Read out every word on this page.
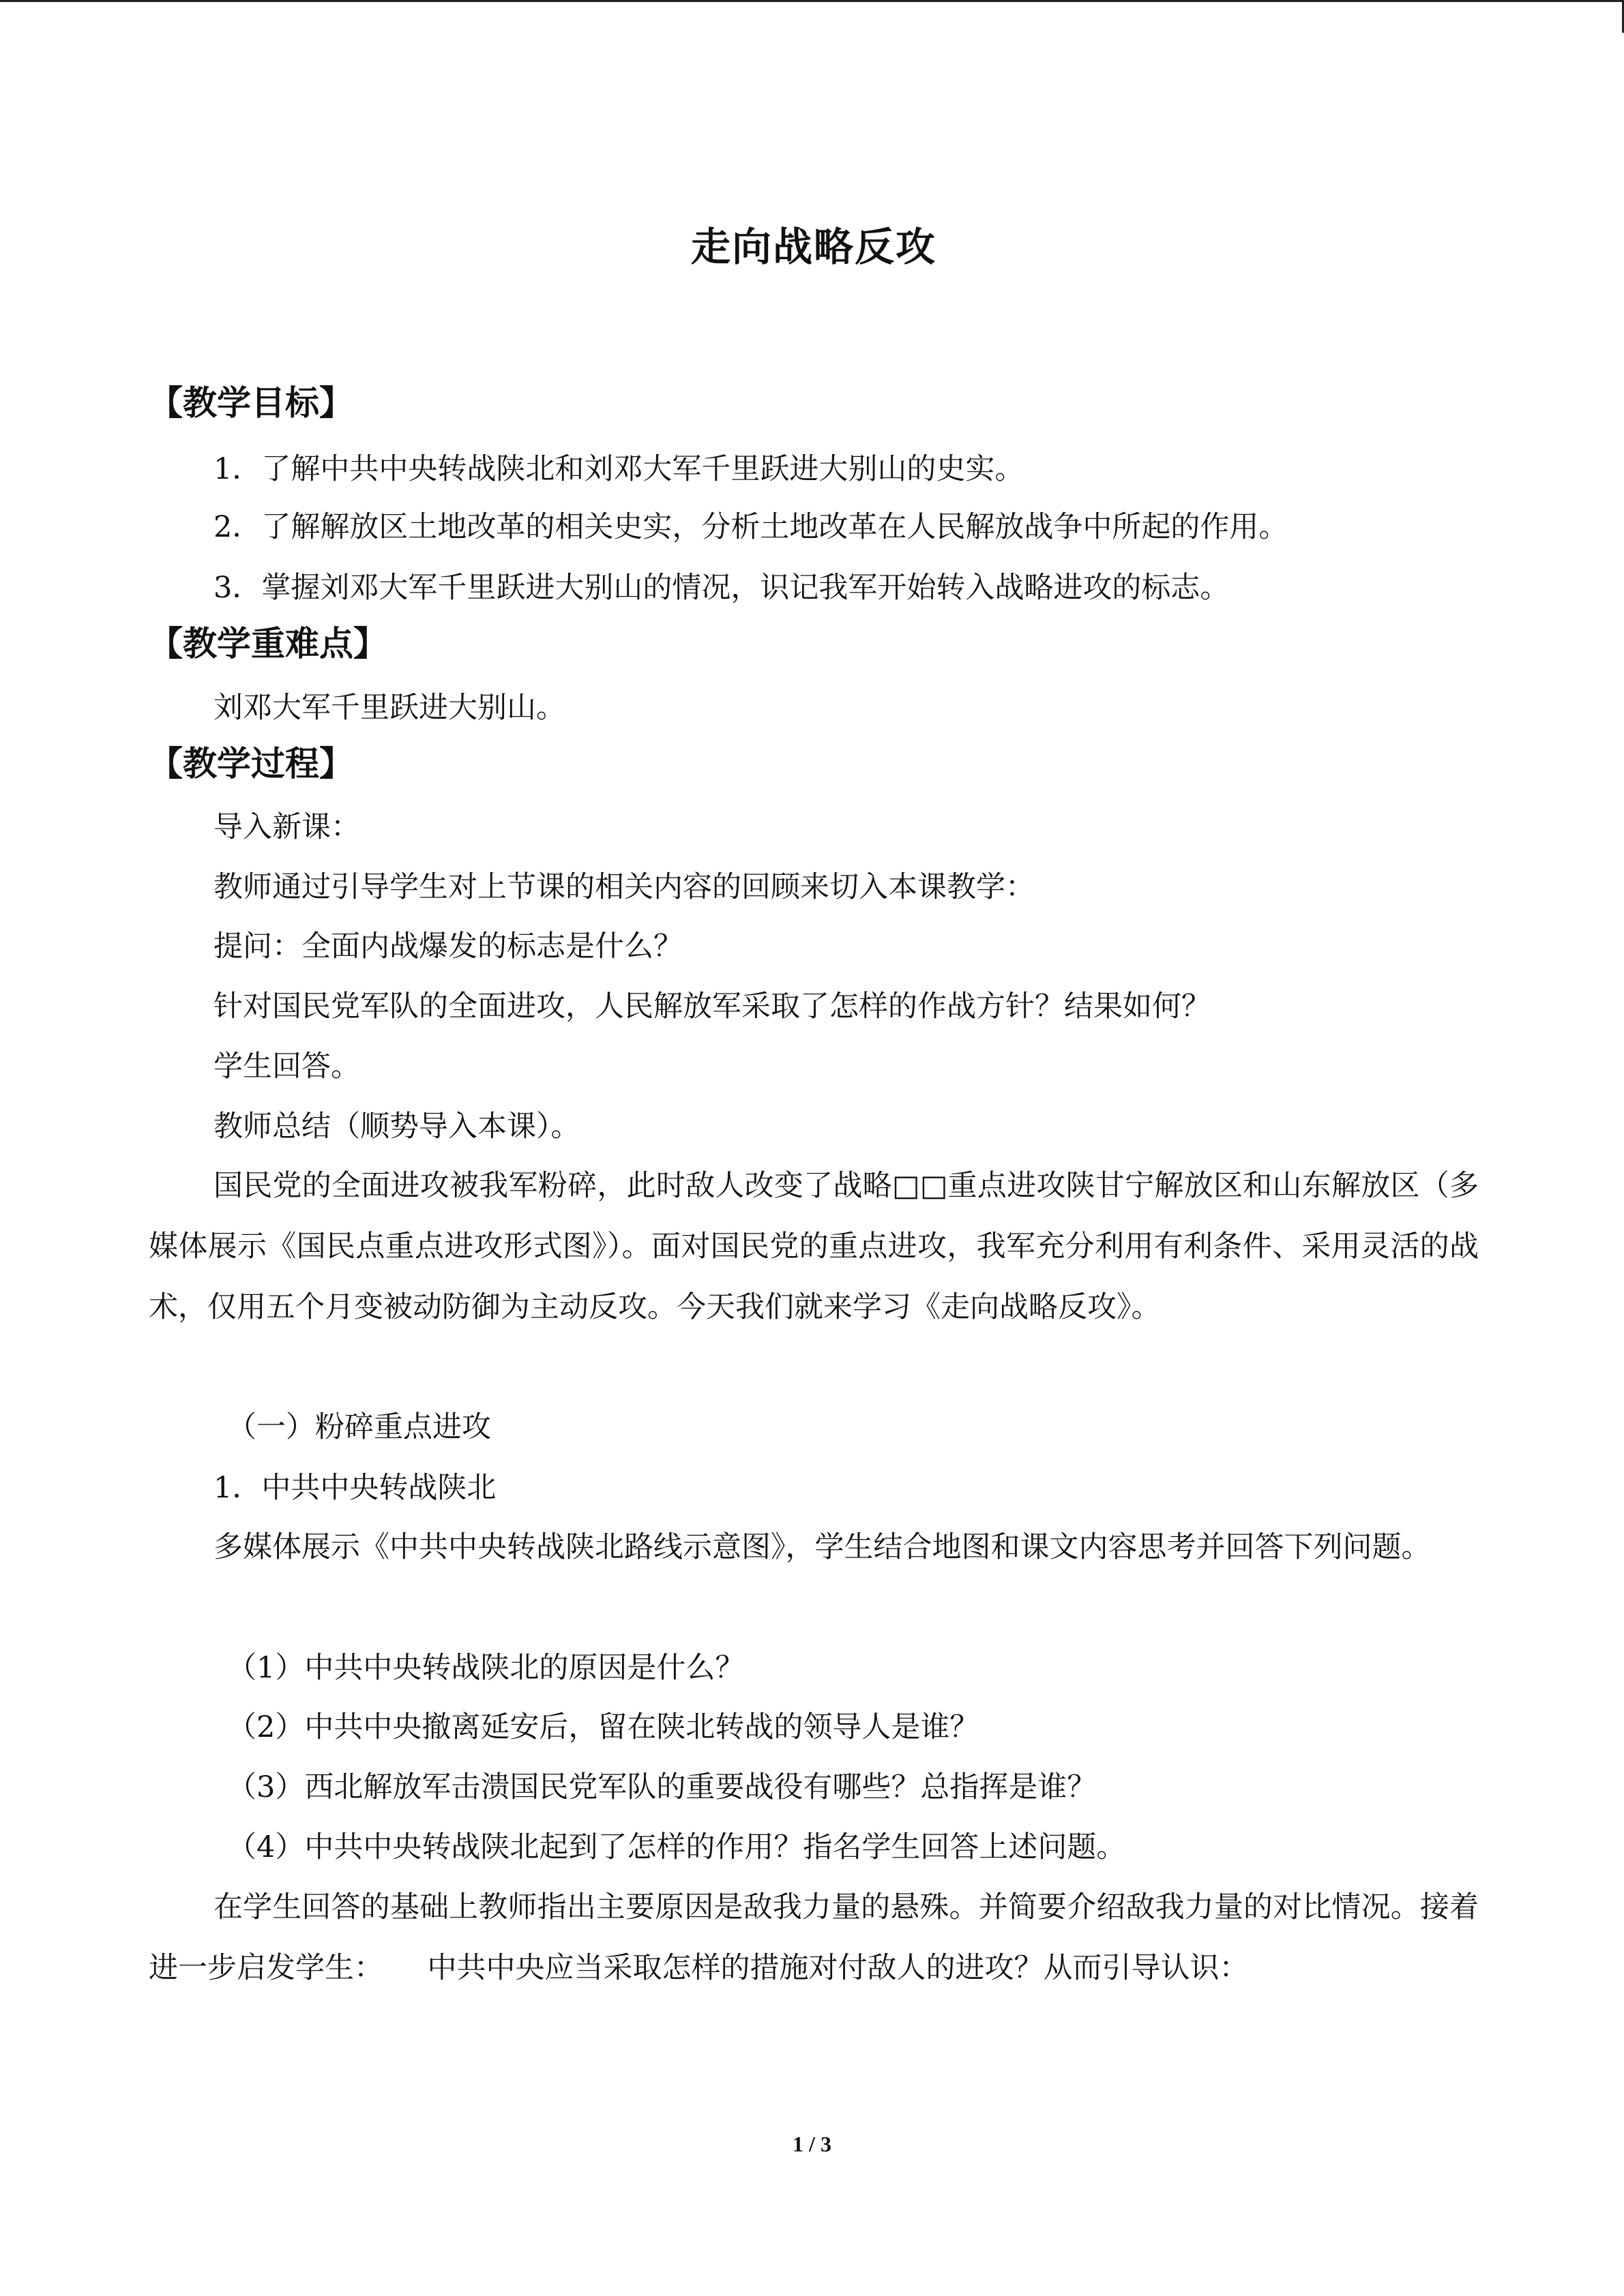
走向战略反攻
【教学目标】
1．了解中共中央转战陕北和刘邓大军千里跃进大别山的史实。
2．了解解放区土地改革的相关史实，分析土地改革在人民解放战争中所起的作用。
3．掌握刘邓大军千里跃进大别山的情况，识记我军开始转入战略进攻的标志。
【教学重难点】
刘邓大军千里跃进大别山。
【教学过程】
导入新课：
教师通过引导学生对上节课的相关内容的回顾来切入本课教学：
提问：全面内战爆发的标志是什么？
针对国民党军队的全面进攻，人民解放军采取了怎样的作战方针？结果如何？
学生回答。
教师总结（顺势导入本课）。
国民党的全面进攻被我军粉碎，此时敌人改变了战略□□重点进攻陕甘宁解放区和山东解放区（多媒体展示《国民点重点进攻形式图》）。面对国民党的重点进攻，我军充分利用有利条件、采用灵活的战术，仅用五个月变被动防御为主动反攻。今天我们就来学习《走向战略反攻》。
（一）粉碎重点进攻
1．中共中央转战陕北
多媒体展示《中共中央转战陕北路线示意图》，学生结合地图和课文内容思考并回答下列问题。
（1）中共中央转战陕北的原因是什么？
（2）中共中央撤离延安后，留在陕北转战的领导人是谁？
（3）西北解放军击溃国民党军队的重要战役有哪些？总指挥是谁？
（4）中共中央转战陕北起到了怎样的作用？指名学生回答上述问题。
在学生回答的基础上教师指出主要原因是敌我力量的悬殊。并简要介绍敌我力量的对比情况。接着进一步启发学生：　　中共中央应当采取怎样的措施对付敌人的进攻？从而引导认识：
1 / 3
